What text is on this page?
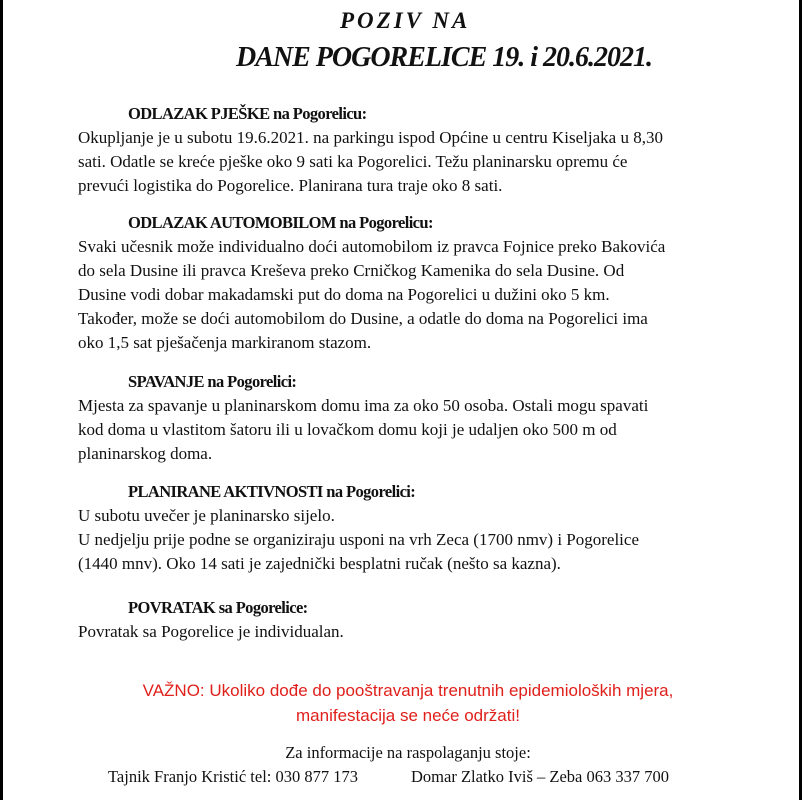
POZIV NA
DANE POGORELICE 19. i 20.6.2021.
ODLAZAK PJEŠKE na Pogorelicu:
Okupljanje je u subotu 19.6.2021. na parkingu ispod Općine u centru Kiseljaka u 8,30
sati. Odatle se kreće pješke oko 9 sati ka Pogorelici. Težu planinarsku opremu će
prevući logistika do Pogorelice. Planirana tura traje oko 8 sati.
ODLAZAK AUTOMOBILOM na Pogorelicu:
Svaki učesnik može individualno doći automobilom iz pravca Fojnice preko Bakovića
do sela Dusine ili pravca Kreševa preko Crničkog Kamenika do sela Dusine. Od
Dusine vodi dobar makadamski put do doma na Pogorelici u dužini oko 5 km.
Također, može se doći automobilom do Dusine, a odatle do doma na Pogorelici ima
oko 1,5 sat pješačenja markiranom stazom.
SPAVANJE na Pogorelici:
Mjesta za spavanje u planinarskom domu ima za oko 50 osoba. Ostali mogu spavati
kod doma u vlastitom šatoru ili u lovačkom domu koji je udaljen oko 500 m od
planinarskog doma.
PLANIRANE AKTIVNOSTI na Pogorelici:
U subotu uvečer je planinarsko sijelo.
U nedjelju prije podne se organiziraju usponi na vrh Zeca (1700 nmv) i Pogorelice
(1440 mnv). Oko 14 sati je zajednički besplatni ručak (nešto sa kazna).
POVRATAK sa Pogorelice:
Povratak sa Pogorelice je individualan.
VAŽNO: Ukoliko dođe do pooštravanja trenutnih epidemioloških mjera,
manifestacija se neće održati!
Za informacije na raspolaganju stoje:
Tajnik Franjo Kristić tel: 030 877 173	Domar Zlatko Iviš – Zeba 063 337 700
